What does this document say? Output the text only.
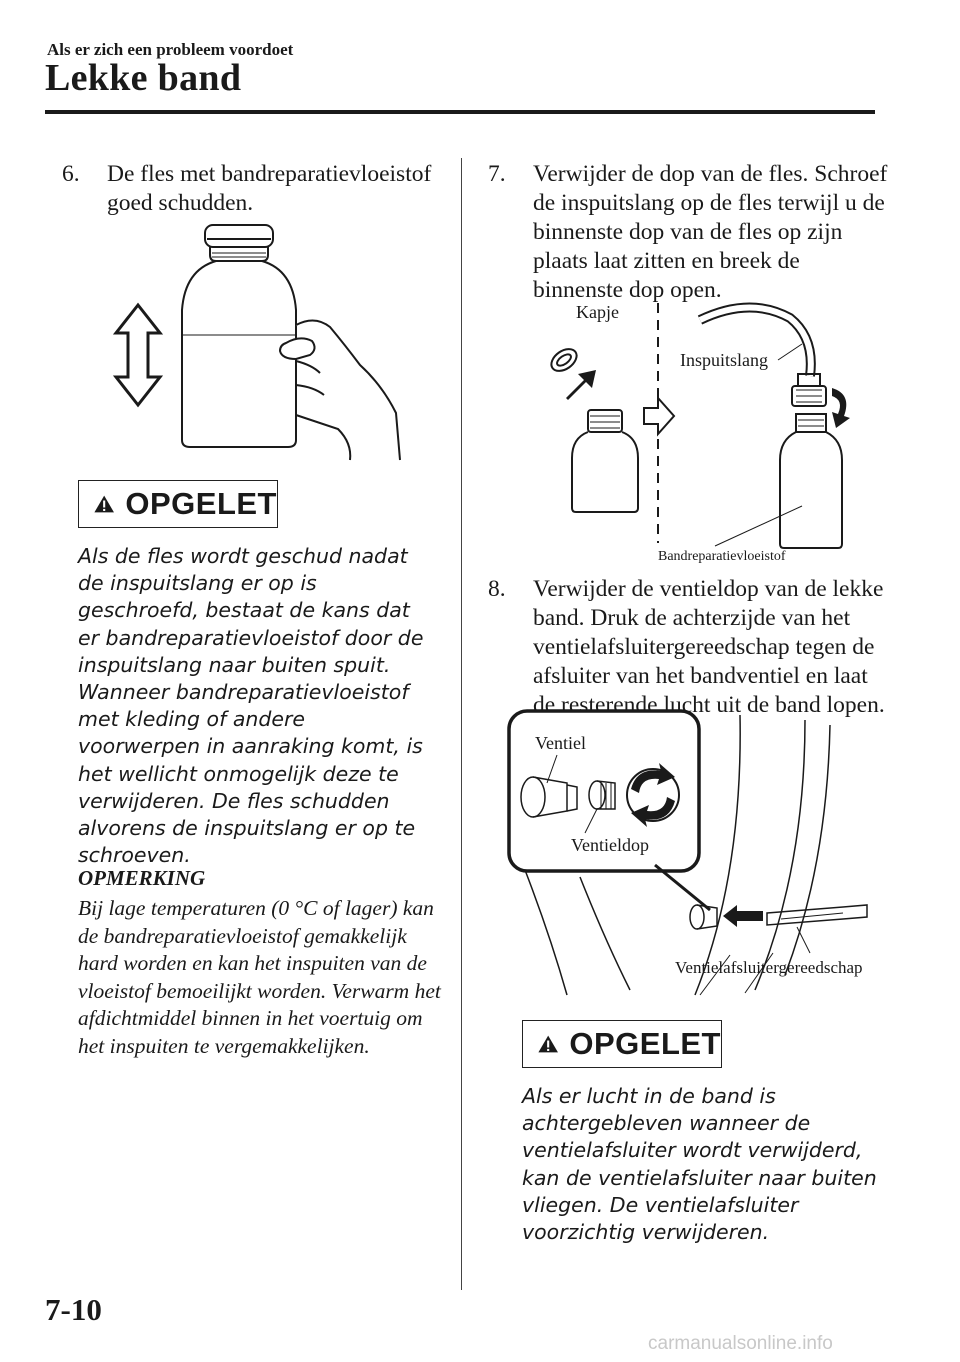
Als er zich een probleem voordoet
Lekke band
6. De fles met bandreparatievloeistof goed schudden.
OPGELET
Als de fles wordt geschud nadat de inspuitslang er op is geschroefd, bestaat de kans dat er bandreparatievloeistof door de inspuitslang naar buiten spuit. Wanneer bandreparatievloeistof met kleding of andere voorwerpen in aanraking komt, is het wellicht onmogelijk deze te verwijderen. De fles schudden alvorens de inspuitslang er op te schroeven.
OPMERKING
Bij lage temperaturen (0 °C of lager) kan de bandreparatievloeistof gemakkelijk hard worden en kan het inspuiten van de vloeistof bemoeilijkt worden. Verwarm het afdichtmiddel binnen in het voertuig om het inspuiten te vergemakkelijken.
7. Verwijder de dop van de fles. Schroef de inspuitslang op de fles terwijl u de binnenste dop van de fles op zijn plaats laat zitten en breek de binnenste dop open.
Kapje
Inspuitslang
Bandreparatievloeistof
8. Verwijder de ventieldop van de lekke band. Druk de achterzijde van het ventielafsluitergereedschap tegen de afsluiter van het bandventiel en laat de resterende lucht uit de band lopen.
Ventiel
Ventieldop
Ventielafsluitergereedschap
OPGELET
Als er lucht in de band is achtergebleven wanneer de ventielafsluiter wordt verwijderd, kan de ventielafsluiter naar buiten vliegen. De ventielafsluiter voorzichtig verwijderen.
7-10
carmanualsonline.info
